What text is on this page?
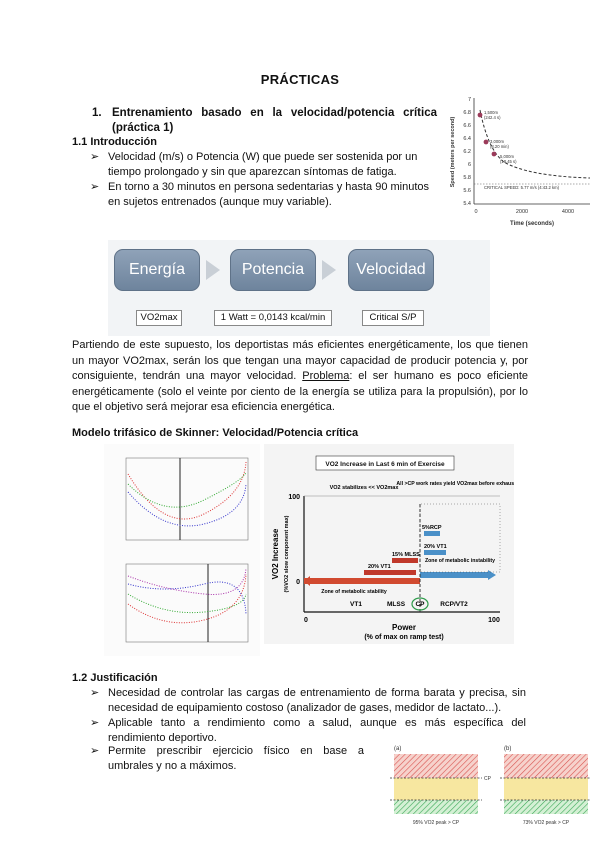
PRÁCTICAS
1. Entrenamiento basado en la velocidad/potencia crítica (práctica 1)
1.1 Introducción
➢ Velocidad (m/s) o Potencia (W) que puede ser sostenida por un tiempo prolongado y sin que aparezcan síntomas de fatiga.
➢ En torno a 30 minutos en persona sedentarias y hasta 90 minutos en sujetos entrenados (aunque muy variable).
7
6.8
6.6
6.4
6.2
6
5.8
5.6
5.4
0	2000	4000
Time (seconds)
Speed (meters per second)
CRITICAL SPEED: 5.77 m/s (4:43.2 km)
1,500m
(242.4 s)
3,000m
(8.20 min)
5,000m
(18.45 s)
Energía	Potencia	Velocidad
VO2max	1 Watt = 0,0143 kcal/min	Critical S/P
Partiendo de este supuesto, los deportistas más eficientes energéticamente, los que tienen un mayor VO2max, serán los que tengan una mayor capacidad de producir potencia y, por consiguiente, tendrán una mayor velocidad. Problema: el ser humano es poco eficiente energéticamente (solo el veinte por ciento de la energía se utiliza para la propulsión), por lo que el objetivo será mejorar esa eficiencia energética.
Modelo trifásico de Skinner: Velocidad/Potencia crítica
VO2 Increase in Last 6 min of Exercise
100
0
0	100
VO2 Increase (%VO2 slow component max)
Power
(% of max on ramp test)
VO2 stabilizes << VO2max
All >CP work rates yield VO2max before exhaustion
Zone of metabolic instability
Zone of metabolic stability
5%RCP
20% VT1
15% MLSS
20% VT1
VT1	MLSS CP RCP/VT2
1.2 Justificación
➢ Necesidad de controlar las cargas de entrenamiento de forma barata y precisa, sin necesidad de equipamiento costoso (analizador de gases, medidor de lactato...).
➢ Aplicable tanto a rendimiento como a salud, aunque es más específica del rendimiento deportivo.
➢ Permite prescribir ejercicio físico en base a umbrales y no a máximos.
(a)	(b)
CP
95% VO2 peak > CP	73% VO2 peak > CP
